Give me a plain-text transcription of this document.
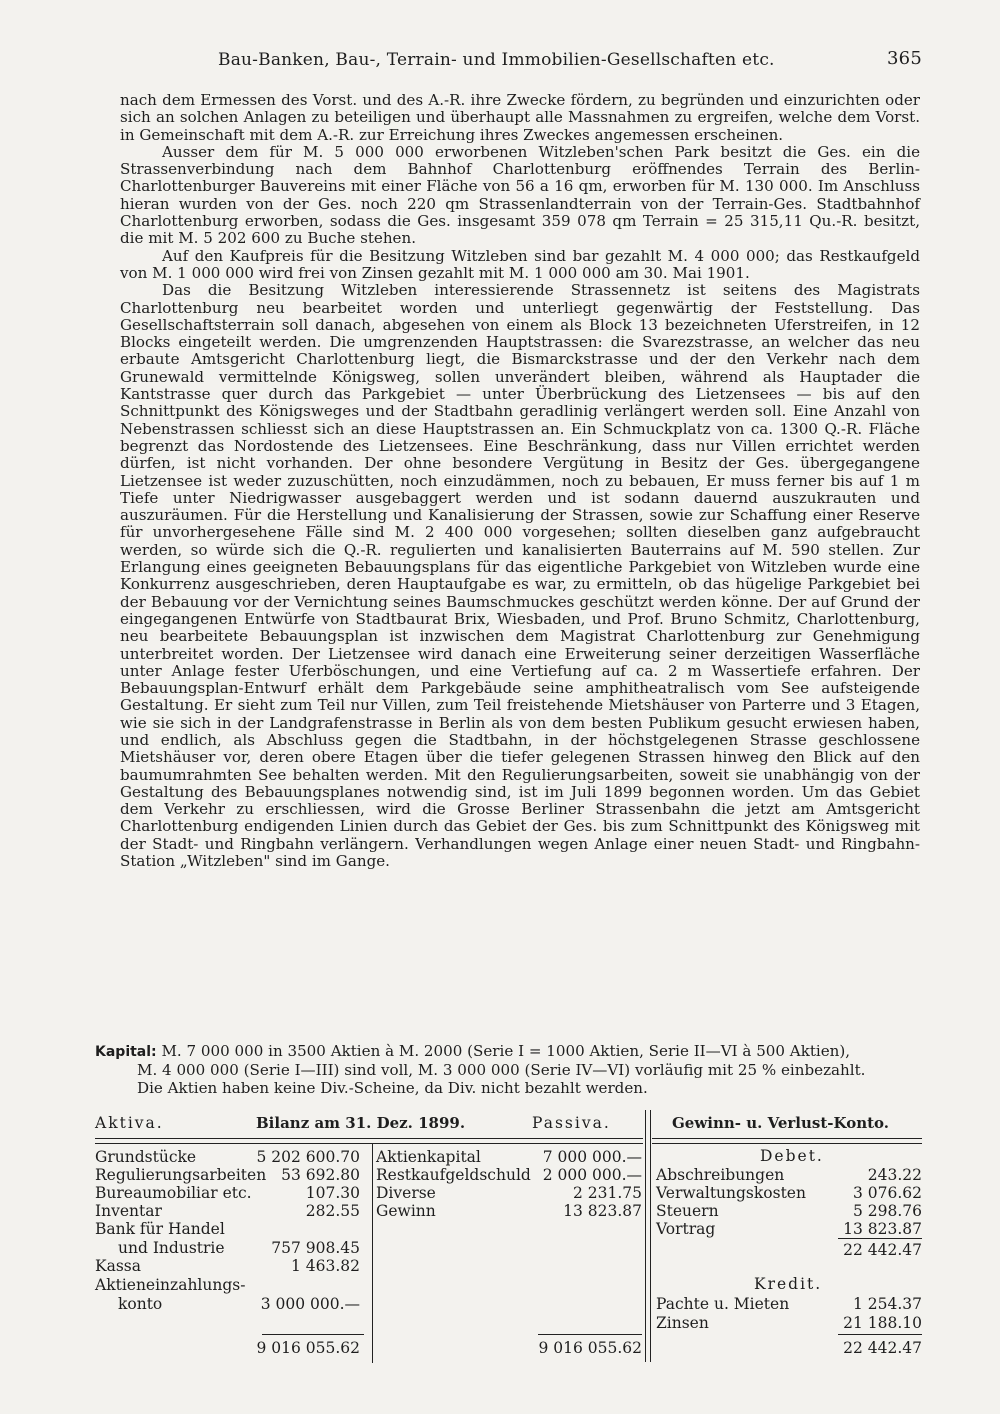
Bau-Banken, Bau-, Terrain- und Immobilien-Gesellschaften etc.	365

nach dem Ermessen des Vorst. und des A.-R. ihre Zwecke fördern, zu begründen und einzurichten oder sich an solchen Anlagen zu beteiligen und überhaupt alle Massnahmen zu ergreifen, welche dem Vorst. in Gemeinschaft mit dem A.-R. zur Erreichung ihres Zweckes angemessen erscheinen.

Ausser dem für M. 5 000 000 erworbenen Witzleben'schen Park besitzt die Ges. ein die Strassenverbindung nach dem Bahnhof Charlottenburg eröffnendes Terrain des Berlin-Charlottenburger Bauvereins mit einer Fläche von 56 a 16 qm, erworben für M. 130 000. Im Anschluss hieran wurden von der Ges. noch 220 qm Strassenlandterrain von der Terrain-Ges. Stadtbahnhof Charlottenburg erworben, sodass die Ges. insgesamt 359 078 qm Terrain = 25 315,11 Qu.-R. besitzt, die mit M. 5 202 600 zu Buche stehen.

Auf den Kaufpreis für die Besitzung Witzleben sind bar gezahlt M. 4 000 000; das Restkaufgeld von M. 1 000 000 wird frei von Zinsen gezahlt mit M. 1 000 000 am 30. Mai 1901.

Das die Besitzung Witzleben interessierende Strassennetz ist seitens des Magistrats Charlottenburg neu bearbeitet worden und unterliegt gegenwärtig der Feststellung. Das Gesellschaftsterrain soll danach, abgesehen von einem als Block 13 bezeichneten Uferstreifen, in 12 Blocks eingeteilt werden. Die umgrenzenden Hauptstrassen: die Svarezstrasse, an welcher das neu erbaute Amtsgericht Charlottenburg liegt, die Bismarckstrasse und der den Verkehr nach dem Grunewald vermittelnde Königsweg, sollen unverändert bleiben, während als Hauptader die Kantstrasse quer durch das Parkgebiet — unter Überbrückung des Lietzensees — bis auf den Schnittpunkt des Königsweges und der Stadtbahn geradlinig verlängert werden soll. Eine Anzahl von Nebenstrassen schliesst sich an diese Hauptstrassen an. Ein Schmuckplatz von ca. 1300 Q.-R. Fläche begrenzt das Nordostende des Lietzensees. Eine Beschränkung, dass nur Villen errichtet werden dürfen, ist nicht vorhanden. Der ohne besondere Vergütung in Besitz der Ges. übergegangene Lietzensee ist weder zuzuschütten, noch einzudämmen, noch zu bebauen, Er muss ferner bis auf 1 m Tiefe unter Niedrigwasser ausgebaggert werden und ist sodann dauernd auszukrauten und auszuräumen. Für die Herstellung und Kanalisierung der Strassen, sowie zur Schaffung einer Reserve für unvorhergesehene Fälle sind M. 2 400 000 vorgesehen; sollten dieselben ganz aufgebraucht werden, so würde sich die Q.-R. regulierten und kanalisierten Bauterrains auf M. 590 stellen. Zur Erlangung eines geeigneten Bebauungsplans für das eigentliche Parkgebiet von Witzleben wurde eine Konkurrenz ausgeschrieben, deren Hauptaufgabe es war, zu ermitteln, ob das hügelige Parkgebiet bei der Bebauung vor der Vernichtung seines Baumschmuckes geschützt werden könne. Der auf Grund der eingegangenen Entwürfe von Stadtbaurat Brix, Wiesbaden, und Prof. Bruno Schmitz, Charlottenburg, neu bearbeitete Bebauungsplan ist inzwischen dem Magistrat Charlottenburg zur Genehmigung unterbreitet worden. Der Lietzensee wird danach eine Erweiterung seiner derzeitigen Wasserfläche unter Anlage fester Uferböschungen, und eine Vertiefung auf ca. 2 m Wassertiefe erfahren. Der Bebauungsplan-Entwurf erhält dem Parkgebäude seine amphitheatralisch vom See aufsteigende Gestaltung. Er sieht zum Teil nur Villen, zum Teil freistehende Mietshäuser von Parterre und 3 Etagen, wie sie sich in der Landgrafenstrasse in Berlin als von dem besten Publikum gesucht erwiesen haben, und endlich, als Abschluss gegen die Stadtbahn, in der höchstgelegenen Strasse geschlossene Mietshäuser vor, deren obere Etagen über die tiefer gelegenen Strassen hinweg den Blick auf den baumumrahmten See behalten werden. Mit den Regulierungsarbeiten, soweit sie unabhängig von der Gestaltung des Bebauungsplanes notwendig sind, ist im Juli 1899 begonnen worden. Um das Gebiet dem Verkehr zu erschliessen, wird die Grosse Berliner Strassenbahn die jetzt am Amtsgericht Charlottenburg endigenden Linien durch das Gebiet der Ges. bis zum Schnittpunkt des Königsweg mit der Stadt- und Ringbahn verlängern. Verhandlungen wegen Anlage einer neuen Stadt- und Ringbahn-Station „Witzleben" sind im Gange.

Kapital: M. 7 000 000 in 3500 Aktien à M. 2000 (Serie I = 1000 Aktien, Serie II—VI à 500 Aktien),
M. 4 000 000 (Serie I—III) sind voll, M. 3 000 000 (Serie IV—VI) vorläufig mit 25 % einbezahlt.
Die Aktien haben keine Div.-Scheine, da Div. nicht bezahlt werden.
Aktiva.	Bilanz am 31. Dez. 1899.	Passiva.
Grundstücke	5 202 600.70
Regulierungsarbeiten 53 692.80
Bureaumobiliar etc.	107.30
Inventar	282.55
Bank für Handel
und Industrie	757 908.45
Kassa	1 463.82
Aktieneinzahlungs-
konto	3 000 000.—
9 016 055.62
Aktienkapital	7 000 000.—
Restkaufgeldschuld 2 000 000.—
Diverse	2 231.75
Gewinn	13 823.87
9 016 055.62
Gewinn- u. Verlust-Konto.
Debet.
Abschreibungen	243.22
Verwaltungskosten	3 076.62
Steuern	5 298.76
Vortrag	13 823.87
22 442.47
Kredit.
Pachte u. Mieten	1 254.37
Zinsen	21 188.10
22 442.47
